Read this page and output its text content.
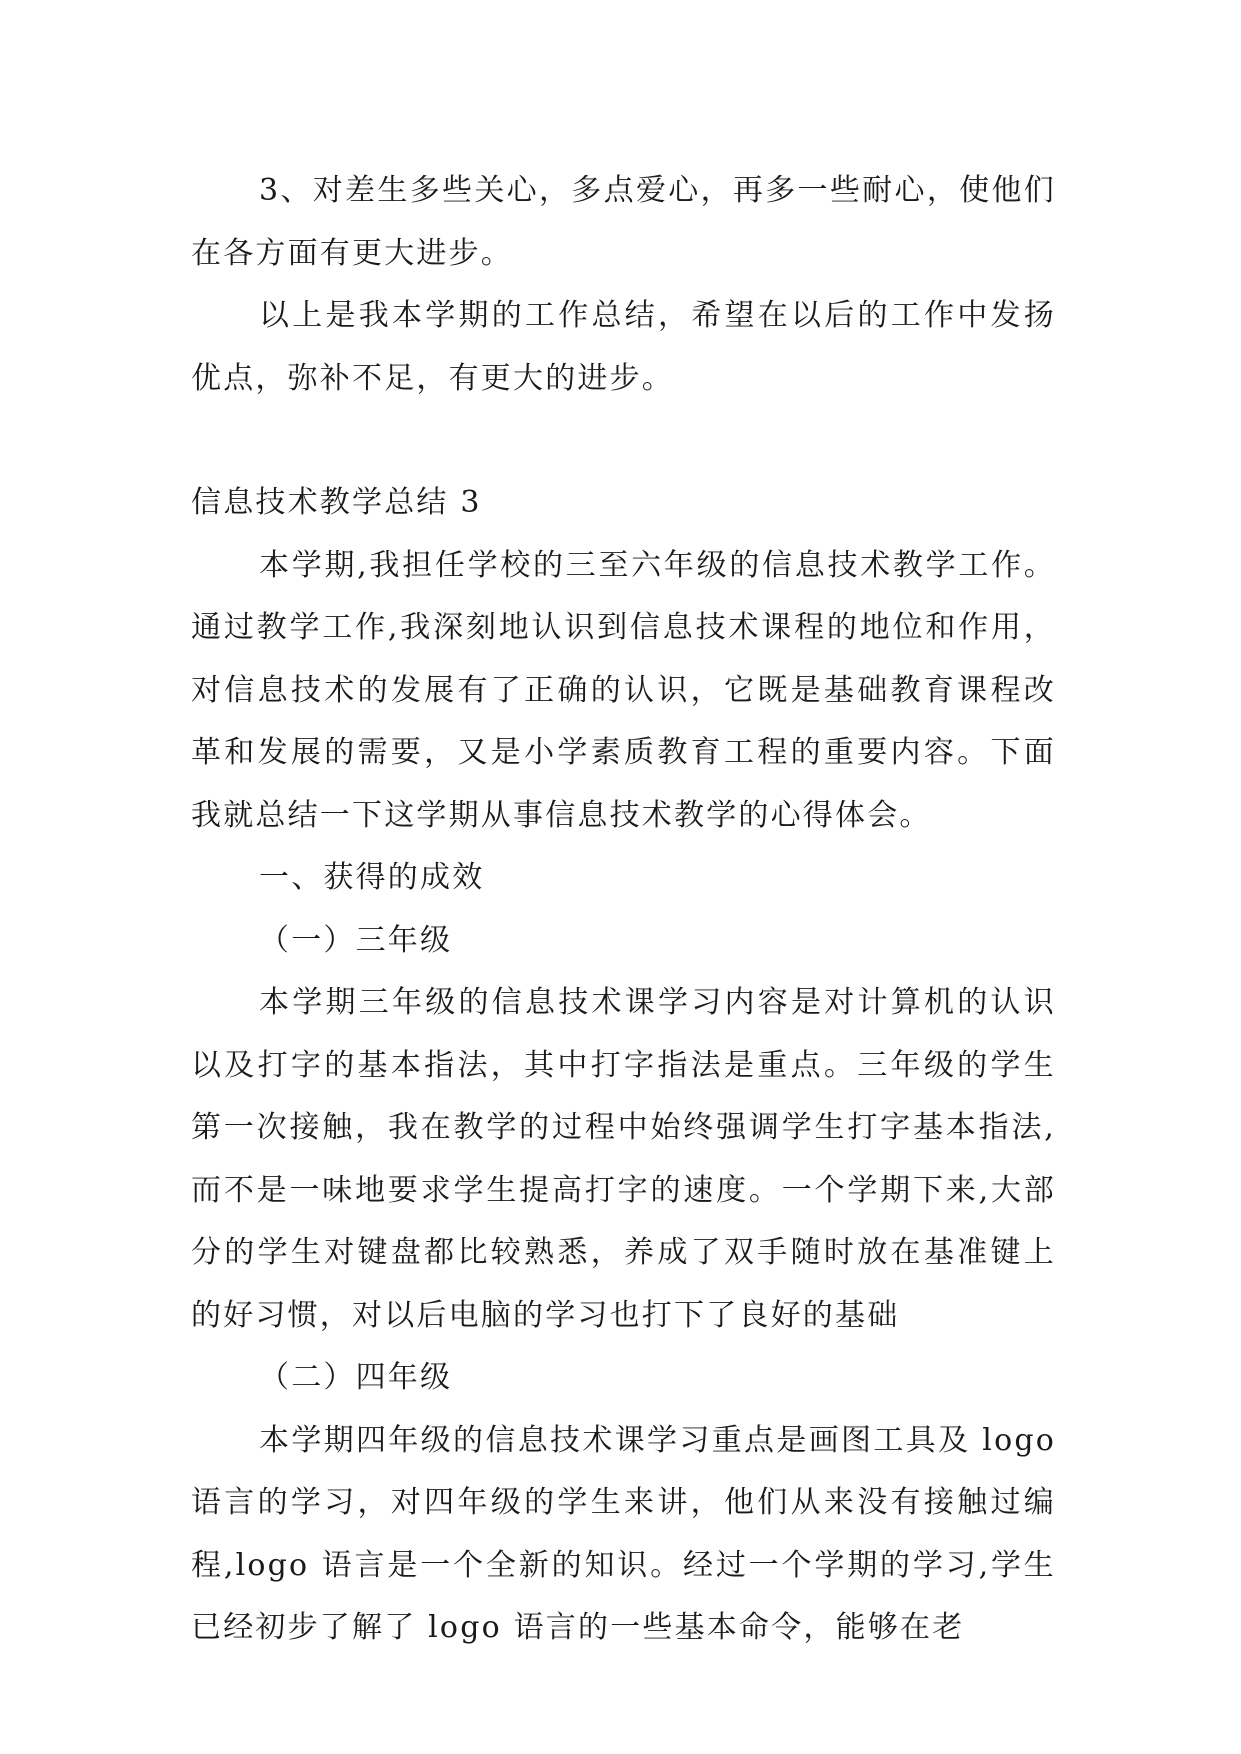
3、对差生多些关心，多点爱心，再多一些耐心，使他们在各方面有更大进步。

以上是我本学期的工作总结，希望在以后的工作中发扬优点，弥补不足，有更大的进步。

信息技术教学总结 3

本学期,我担任学校的三至六年级的信息技术教学工作。通过教学工作,我深刻地认识到信息技术课程的地位和作用，对信息技术的发展有了正确的认识，它既是基础教育课程改革和发展的需要，又是小学素质教育工程的重要内容。下面我就总结一下这学期从事信息技术教学的心得体会。

一、获得的成效

（一）三年级

本学期三年级的信息技术课学习内容是对计算机的认识以及打字的基本指法，其中打字指法是重点。三年级的学生第一次接触，我在教学的过程中始终强调学生打字基本指法,而不是一味地要求学生提高打字的速度。一个学期下来,大部分的学生对键盘都比较熟悉，养成了双手随时放在基准键上的好习惯，对以后电脑的学习也打下了良好的基础

（二）四年级

本学期四年级的信息技术课学习重点是画图工具及 logo 语言的学习，对四年级的学生来讲，他们从来没有接触过编程,logo 语言是一个全新的知识。经过一个学期的学习,学生已经初步了解了 logo 语言的一些基本命令，能够在老
